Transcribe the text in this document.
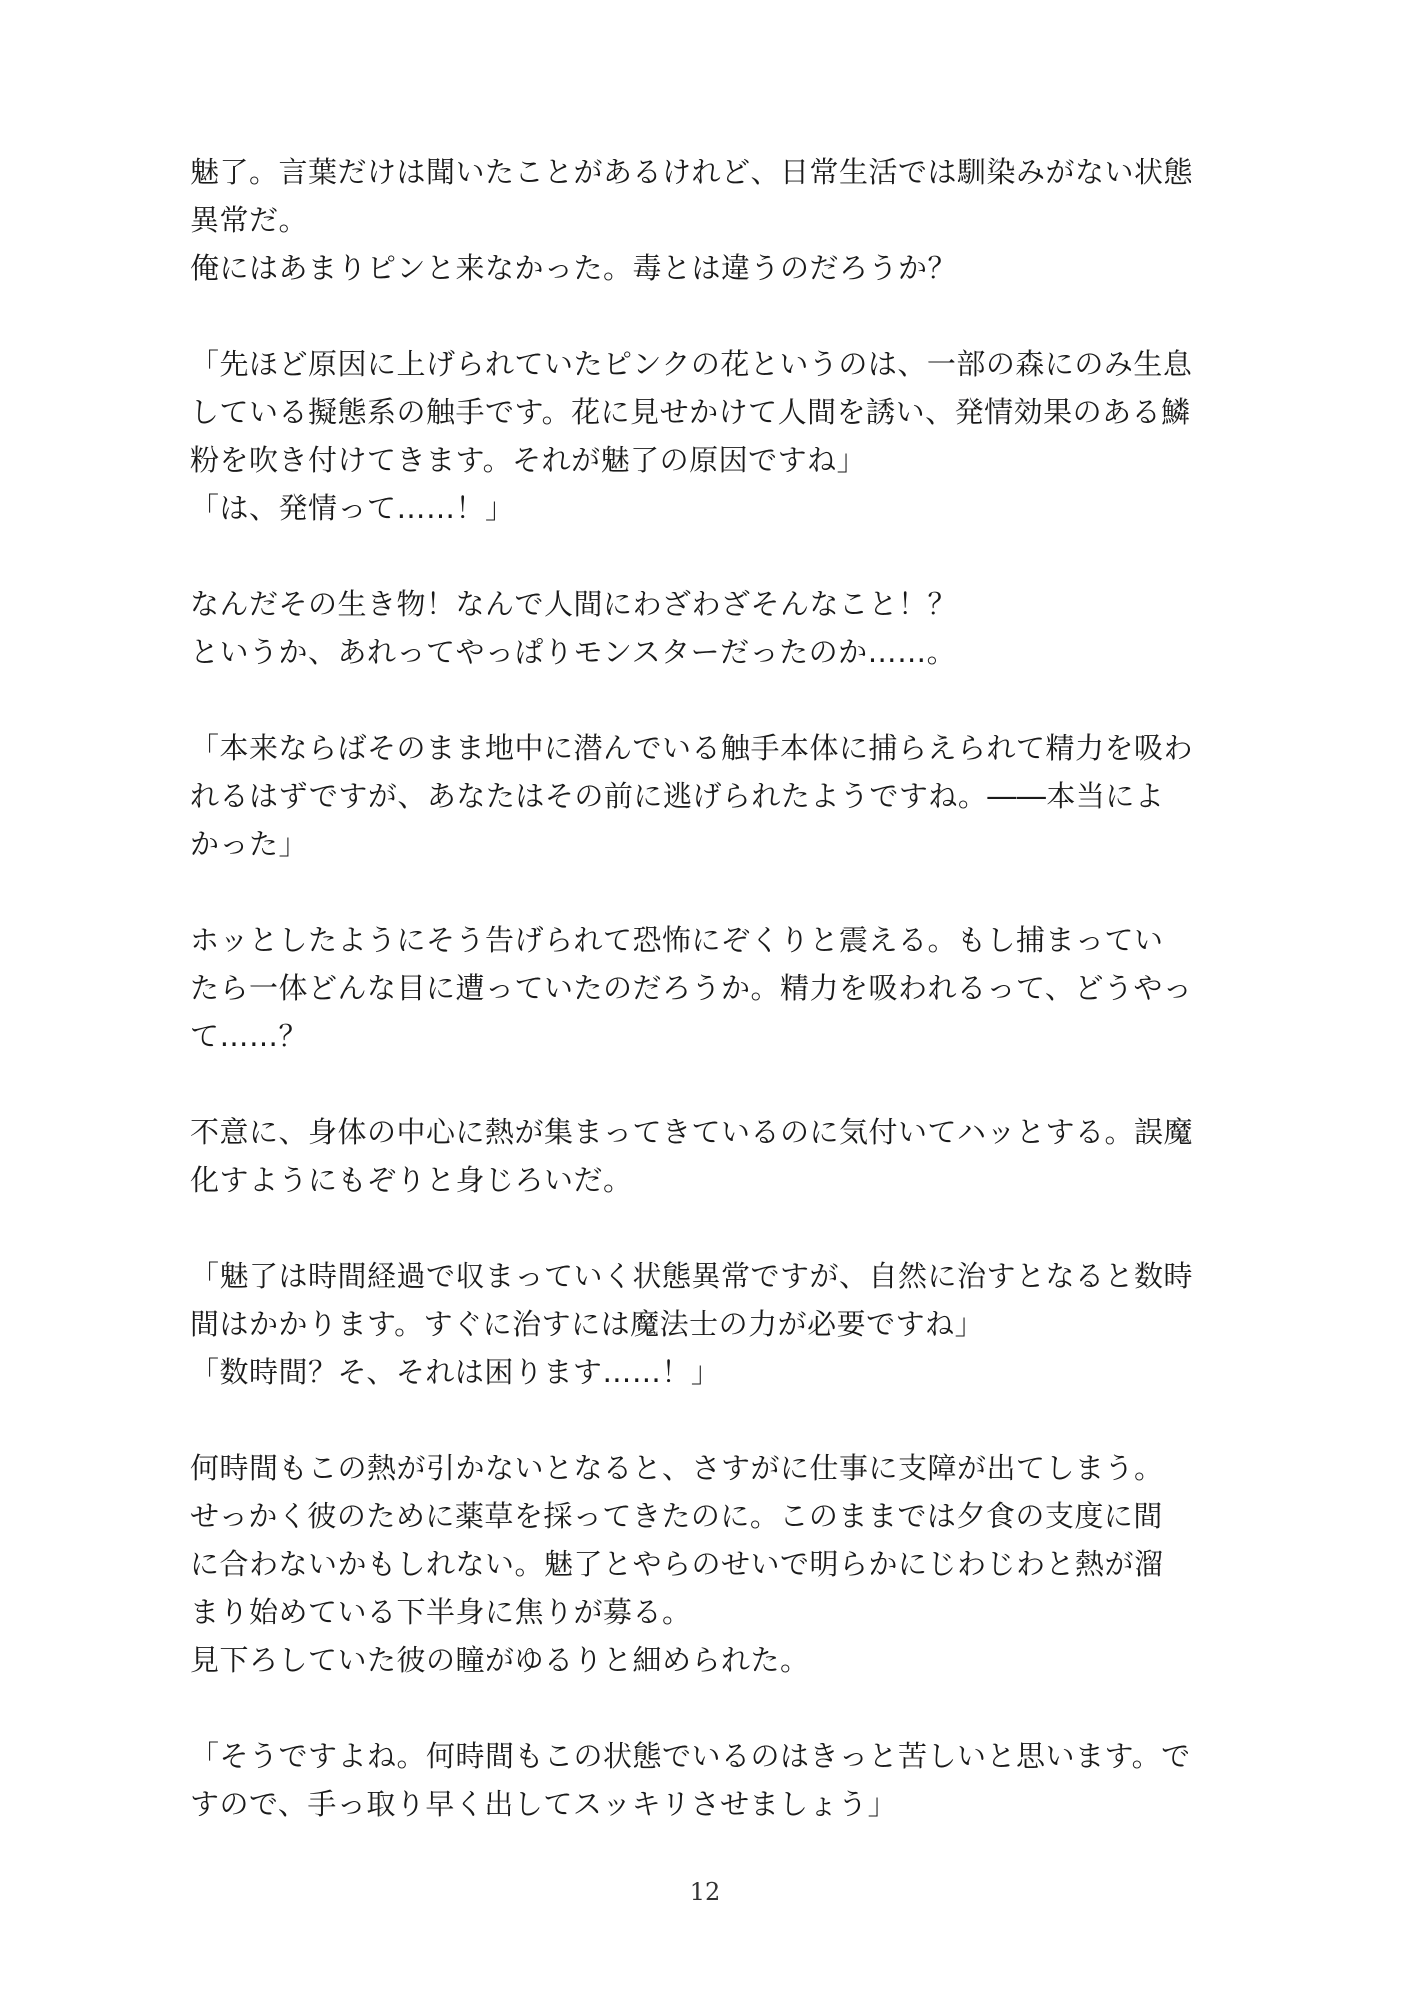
魅了。言葉だけは聞いたことがあるけれど、日常生活では馴染みがない状態
異常だ。
俺にはあまりピンと来なかった。毒とは違うのだろうか？

「先ほど原因に上げられていたピンクの花というのは、一部の森にのみ生息
している擬態系の触手です。花に見せかけて人間を誘い、発情効果のある鱗
粉を吹き付けてきます。それが魅了の原因ですね」
「は、発情って……！」

なんだその生き物！なんで人間にわざわざそんなこと！？
というか、あれってやっぱりモンスターだったのか……。

「本来ならばそのまま地中に潜んでいる触手本体に捕らえられて精力を吸わ
れるはずですが、あなたはその前に逃げられたようですね。――本当によ
かった」

ホッとしたようにそう告げられて恐怖にぞくりと震える。もし捕まってい
たら一体どんな目に遭っていたのだろうか。精力を吸われるって、どうやっ
て……？

不意に、身体の中心に熱が集まってきているのに気付いてハッとする。誤魔
化すようにもぞりと身じろいだ。

「魅了は時間経過で収まっていく状態異常ですが、自然に治すとなると数時
間はかかります。すぐに治すには魔法士の力が必要ですね」
「数時間？そ、それは困ります……！」

何時間もこの熱が引かないとなると、さすがに仕事に支障が出てしまう。
せっかく彼のために薬草を採ってきたのに。このままでは夕食の支度に間
に合わないかもしれない。魅了とやらのせいで明らかにじわじわと熱が溜
まり始めている下半身に焦りが募る。
見下ろしていた彼の瞳がゆるりと細められた。

「そうですよね。何時間もこの状態でいるのはきっと苦しいと思います。で
すので、手っ取り早く出してスッキリさせましょう」

12
